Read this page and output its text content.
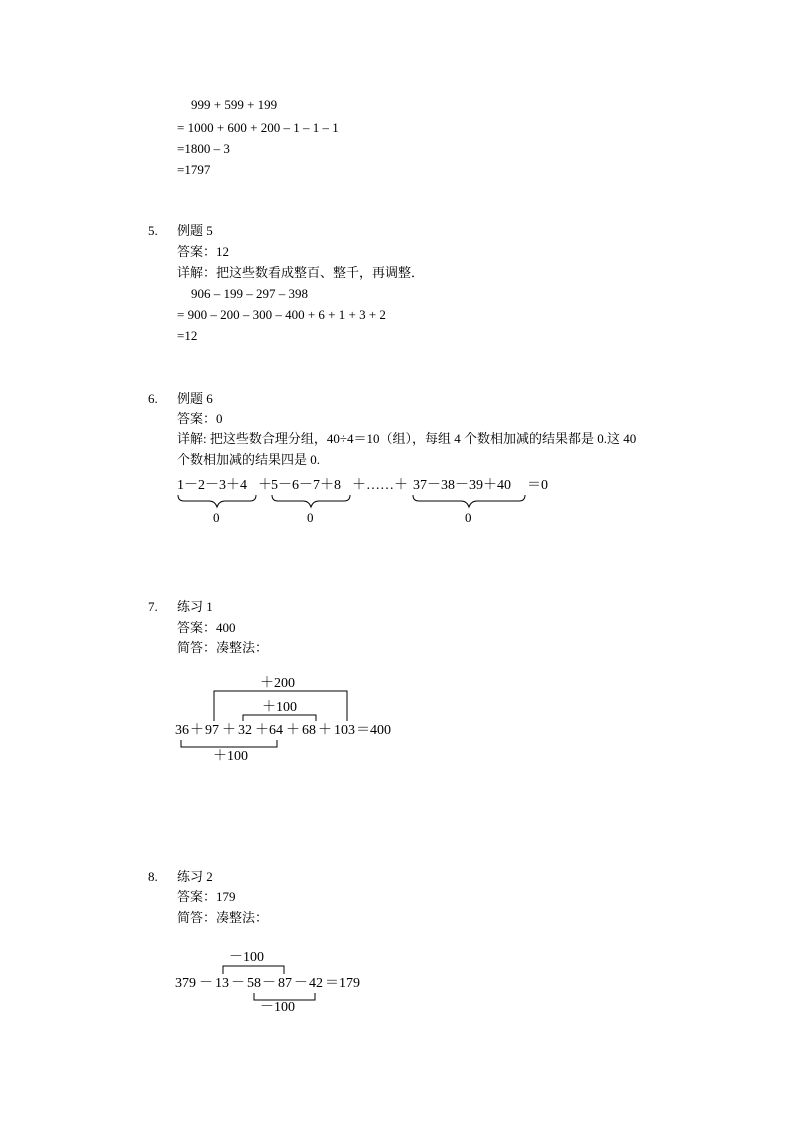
999 + 599 + 199
= 1000 + 600 + 200 – 1 – 1 – 1
=1800 – 3
=1797
5. 例题 5
答案：12
详解：把这些数看成整百、整千，再调整．
906 – 199 – 297 – 398
= 900 – 200 – 300 – 400 + 6 + 1 + 3 + 2
=12
6. 例题 6
答案：0
详解: 把这些数合理分组，40÷4＝10（组），每组 4 个数相加减的结果都是 0.这 40
个数相加减的结果四是 0.
1－2－3＋4 ＋ 5－6－7＋8 ＋……＋ 37－38－39＋40 ＝0
0	0	0
7. 练习 1
答案：400
简答：凑整法：
＋200
＋100
36 ＋ 97 ＋ 32 ＋ 64 ＋ 68 ＋ 103 ＝400
＋100
8. 练习 2
答案：179
简答：凑整法：
－100
379 － 13 － 58 － 87 － 42 ＝179
－100
